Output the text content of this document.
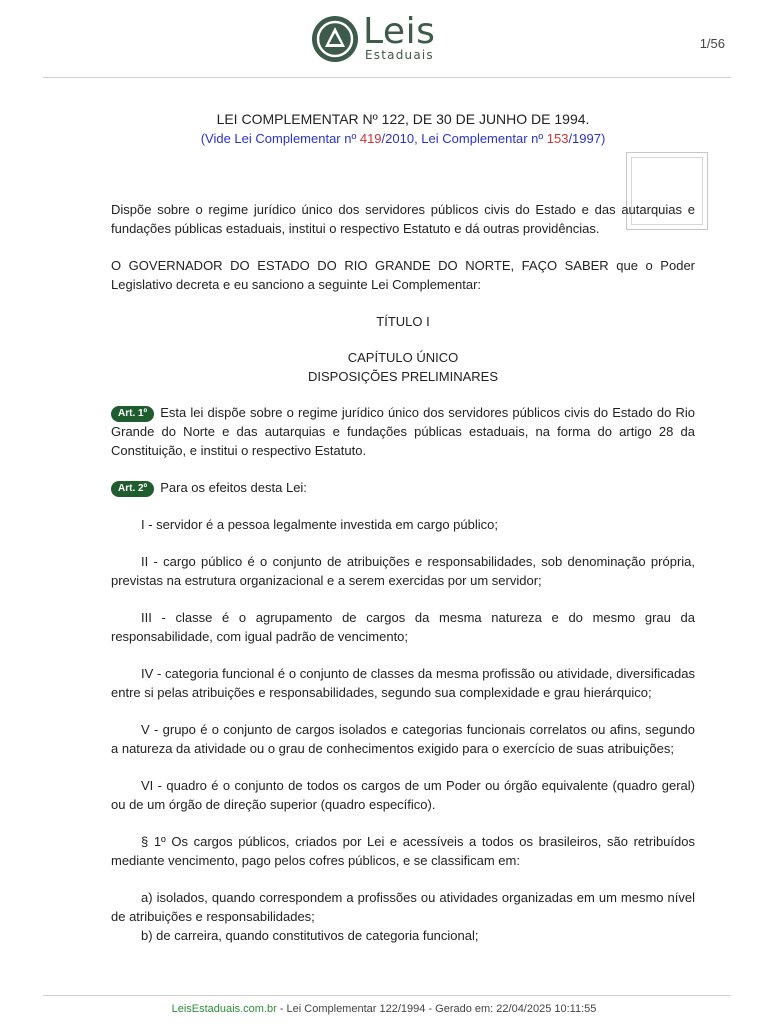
Leis
Estaduais
1/56
LEI COMPLEMENTAR Nº 122, DE 30 DE JUNHO DE 1994.
(Vide Lei Complementar nº 419/2010, Lei Complementar nº 153/1997)

Dispõe sobre o regime jurídico único dos servidores públicos civis do Estado e das autarquias e fundações públicas estaduais, institui o respectivo Estatuto e dá outras providências.

O GOVERNADOR DO ESTADO DO RIO GRANDE DO NORTE, FAÇO SABER que o Poder Legislativo decreta e eu sanciono a seguinte Lei Complementar:

TÍTULO I

CAPÍTULO ÚNICO

DISPOSIÇÕES PRELIMINARES

Art. 1º Esta lei dispõe sobre o regime jurídico único dos servidores públicos civis do Estado do Rio Grande do Norte e das autarquias e fundações públicas estaduais, na forma do artigo 28 da Constituição, e institui o respectivo Estatuto.

Art. 2º Para os efeitos desta Lei:

I - servidor é a pessoa legalmente investida em cargo público;

II - cargo público é o conjunto de atribuições e responsabilidades, sob denominação própria, previstas na estrutura organizacional e a serem exercidas por um servidor;

III - classe é o agrupamento de cargos da mesma natureza e do mesmo grau da responsabilidade, com igual padrão de vencimento;

IV - categoria funcional é o conjunto de classes da mesma profissão ou atividade, diversificadas entre si pelas atribuições e responsabilidades, segundo sua complexidade e grau hierárquico;

V - grupo é o conjunto de cargos isolados e categorias funcionais correlatos ou afins, segundo a natureza da atividade ou o grau de conhecimentos exigido para o exercício de suas atribuições;

VI - quadro é o conjunto de todos os cargos de um Poder ou órgão equivalente (quadro geral) ou de um órgão de direção superior (quadro específico).

§ 1º Os cargos públicos, criados por Lei e acessíveis a todos os brasileiros, são retribuídos mediante vencimento, pago pelos cofres públicos, e se classificam em:

a) isolados, quando correspondem a profissões ou atividades organizadas em um mesmo nível de atribuições e responsabilidades;

b) de carreira, quando constitutivos de categoria funcional;

LeisEstaduais.com.br - Lei Complementar 122/1994 - Gerado em: 22/04/2025 10:11:55
